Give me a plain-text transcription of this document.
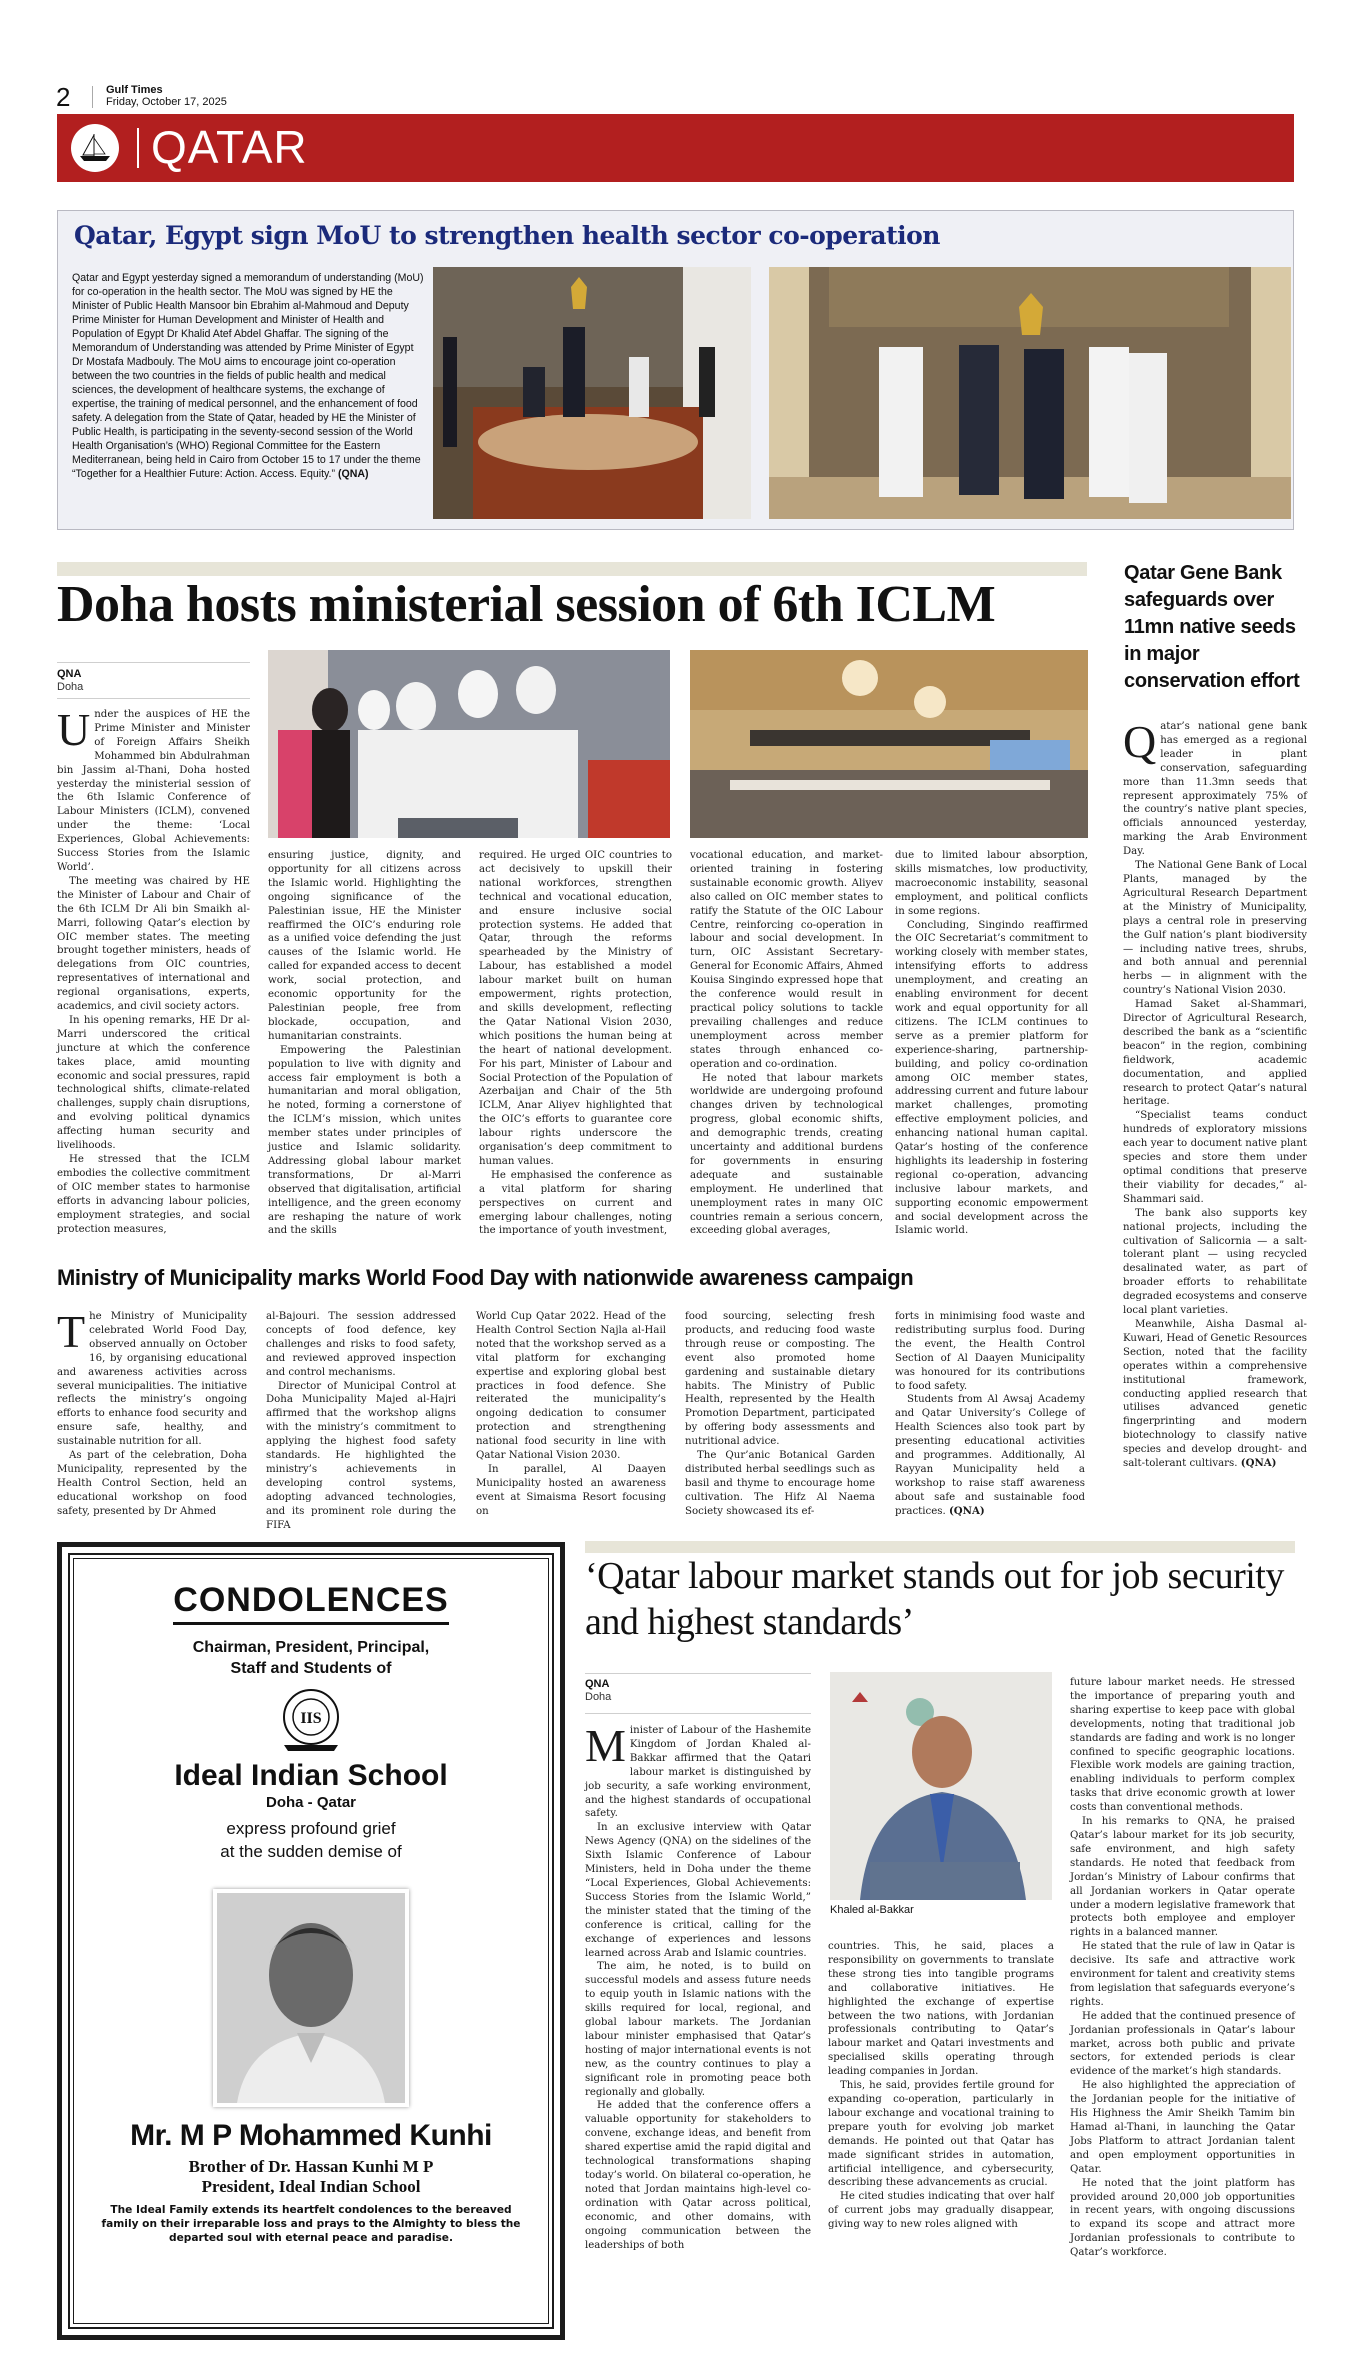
2	Gulf Times
Friday, October 17, 2025
QATAR
Qatar, Egypt sign MoU to strengthen health sector co-operation
Qatar and Egypt yesterday signed a memorandum of understanding (MoU) for co-operation in the health sector. The MoU was signed by HE the Minister of Public Health Mansoor bin Ebrahim al-Mahmoud and Deputy Prime Minister for Human Development and Minister of Health and Population of Egypt Dr Khalid Atef Abdel Ghaffar. The signing of the Memorandum of Understanding was attended by Prime Minister of Egypt Dr Mostafa Madbouly. The MoU aims to encourage joint co-operation between the two countries in the fields of public health and medical sciences, the development of healthcare systems, the exchange of expertise, the training of medical personnel, and the enhancement of food safety. A delegation from the State of Qatar, headed by HE the Minister of Public Health, is participating in the seventy-second session of the World Health Organisation’s (WHO) Regional Committee for the Eastern Mediterranean, being held in Cairo from October 15 to 17 under the theme “Together for a Healthier Future: Action. Access. Equity.” (QNA)
Doha hosts ministerial session of 6th ICLM
QNA
Doha

Under the auspices of HE the Prime Minister and Minister of Foreign Affairs Sheikh Mohammed bin Abdulrahman bin Jassim al-Thani, Doha hosted yesterday the ministerial session of the 6th Islamic Conference of Labour Ministers (ICLM), convened under the theme: ‘Local Experiences, Global Achievements: Success Stories from the Islamic World’.

The meeting was chaired by HE the Minister of Labour and Chair of the 6th ICLM Dr Ali bin Smaikh al-Marri, following Qatar’s election by OIC member states. The meeting brought together ministers, heads of delegations from OIC countries, representatives of international and regional organisations, experts, academics, and civil society actors.

In his opening remarks, HE Dr al-Marri underscored the critical juncture at which the conference takes place, amid mounting economic and social pressures, rapid technological shifts, climate-related challenges, supply chain disruptions, and evolving political dynamics affecting human security and livelihoods.

He stressed that the ICLM embodies the collective commitment of OIC member states to harmonise efforts in advancing labour policies, employment strategies, and social protection measures,

ensuring justice, dignity, and opportunity for all citizens across the Islamic world. Highlighting the ongoing significance of the Palestinian issue, HE the Minister reaffirmed the OIC’s enduring role as a unified voice defending the just causes of the Islamic world. He called for expanded access to decent work, social protection, and economic opportunity for the Palestinian people, free from blockade, occupation, and humanitarian constraints.

Empowering the Palestinian population to live with dignity and access fair employment is both a humanitarian and moral obligation, he noted, forming a cornerstone of the ICLM’s mission, which unites member states under principles of justice and Islamic solidarity. Addressing global labour market transformations, Dr al-Marri observed that digitalisation, artificial intelligence, and the green economy are reshaping the nature of work and the skills

required. He urged OIC countries to act decisively to upskill their national workforces, strengthen technical and vocational education, and ensure inclusive social protection systems. He added that Qatar, through the reforms spearheaded by the Ministry of Labour, has established a model labour market built on human empowerment, rights protection, and skills development, reflecting the Qatar National Vision 2030, which positions the human being at the heart of national development. For his part, Minister of Labour and Social Protection of the Population of Azerbaijan and Chair of the 5th ICLM, Anar Aliyev highlighted that the OIC’s efforts to guarantee core labour rights underscore the organisation’s deep commitment to human values.

He emphasised the conference as a vital platform for sharing perspectives on current and emerging labour challenges, noting the importance of youth investment,

vocational education, and market-oriented training in fostering sustainable economic growth. Aliyev also called on OIC member states to ratify the Statute of the OIC Labour Centre, reinforcing co-operation in labour and social development. In turn, OIC Assistant Secretary-General for Economic Affairs, Ahmed Kouisa Singindo expressed hope that the conference would result in practical policy solutions to tackle prevailing challenges and reduce unemployment across member states through enhanced co-operation and co-ordination.

He noted that labour markets worldwide are undergoing profound changes driven by technological progress, global economic shifts, and demographic trends, creating uncertainty and additional burdens for governments in ensuring adequate and sustainable employment. He underlined that unemployment rates in many OIC countries remain a serious concern, exceeding global averages,

due to limited labour absorption, skills mismatches, low productivity, macroeconomic instability, seasonal employment, and political conflicts in some regions.

Concluding, Singindo reaffirmed the OIC Secretariat’s commitment to working closely with member states, intensifying efforts to address unemployment, and creating an enabling environment for decent work and equal opportunity for all citizens. The ICLM continues to serve as a premier platform for experience-sharing, partnership-building, and policy co-ordination among OIC member states, addressing current and future labour market challenges, promoting effective employment policies, and enhancing national human capital. Qatar’s hosting of the conference highlights its leadership in fostering regional co-operation, advancing inclusive labour markets, and supporting economic empowerment and social development across the Islamic world.

Qatar Gene Bank safeguards over 11mn native seeds in major conservation effort

Qatar’s national gene bank has emerged as a regional leader in plant conservation, safeguarding more than 11.3mn seeds that represent approximately 75% of the country’s native plant species, officials announced yesterday, marking the Arab Environment Day.

The National Gene Bank of Local Plants, managed by the Agricultural Research Department at the Ministry of Municipality, plays a central role in preserving the Gulf nation’s plant biodiversity — including native trees, shrubs, and both annual and perennial herbs — in alignment with the country’s National Vision 2030.

Hamad Saket al-Shammari, Director of Agricultural Research, described the bank as a “scientific beacon” in the region, combining fieldwork, academic documentation, and applied research to protect Qatar’s natural heritage.

“Specialist teams conduct hundreds of exploratory missions each year to document native plant species and store them under optimal conditions that preserve their viability for decades,” al-Shammari said.

The bank also supports key national projects, including the cultivation of Salicornia — a salt-tolerant plant — using recycled desalinated water, as part of broader efforts to rehabilitate degraded ecosystems and conserve local plant varieties.

Meanwhile, Aisha Dasmal al-Kuwari, Head of Genetic Resources Section, noted that the facility operates within a comprehensive institutional framework, conducting applied research that utilises advanced genetic fingerprinting and modern biotechnology to classify native species and develop drought- and salt-tolerant cultivars. (QNA)

Ministry of Municipality marks World Food Day with nationwide awareness campaign

The Ministry of Municipality celebrated World Food Day, observed annually on October 16, by organising educational and awareness activities across several municipalities. The initiative reflects the ministry’s ongoing efforts to enhance food security and ensure safe, healthy, and sustainable nutrition for all.

As part of the celebration, Doha Municipality, represented by the Health Control Section, held an educational workshop on food safety, presented by Dr Ahmed

al-Bajouri. The session addressed concepts of food defence, key challenges and risks to food safety, and reviewed approved inspection and control mechanisms.

Director of Municipal Control at Doha Municipality Majed al-Hajri affirmed that the workshop aligns with the ministry’s commitment to applying the highest food safety standards. He highlighted the ministry’s achievements in developing control systems, adopting advanced technologies, and its prominent role during the FIFA

World Cup Qatar 2022. Head of the Health Control Section Najla al-Hail noted that the workshop served as a vital platform for exchanging expertise and exploring global best practices in food defence. She reiterated the municipality’s ongoing dedication to consumer protection and strengthening national food security in line with Qatar National Vision 2030.

In parallel, Al Daayen Municipality hosted an awareness event at Simaisma Resort focusing on

food sourcing, selecting fresh products, and reducing food waste through reuse or composting. The event also promoted home gardening and sustainable dietary habits. The Ministry of Public Health, represented by the Health Promotion Department, participated by offering body assessments and nutritional advice.

The Qur’anic Botanical Garden distributed herbal seedlings such as basil and thyme to encourage home cultivation. The Hifz Al Naema Society showcased its ef-

forts in minimising food waste and redistributing surplus food. During the event, the Health Control Section of Al Daayen Municipality was honoured for its contributions to food safety.

Students from Al Awsaj Academy and Qatar University’s College of Health Sciences also took part by presenting educational activities and programmes. Additionally, Al Rayyan Municipality held a workshop to raise staff awareness about safe and sustainable food practices. (QNA)

CONDOLENCES
Chairman, President, Principal,
Staff and Students of
IIS
Ideal Indian School
Doha - Qatar
express profound grief
at the sudden demise of
Mr. M P Mohammed Kunhi
Brother of Dr. Hassan Kunhi M P
President, Ideal Indian School
The Ideal Family extends its heartfelt condolences to the bereaved family on their irreparable loss and prays to the Almighty to bless the departed soul with eternal peace and paradise.
‘Qatar labour market stands out for job security and highest standards’
QNA
Doha
Khaled al-Bakkar

Minister of Labour of the Hashemite Kingdom of Jordan Khaled al-Bakkar affirmed that the Qatari labour market is distinguished by job security, a safe working environment, and the highest standards of occupational safety.

In an exclusive interview with Qatar News Agency (QNA) on the sidelines of the Sixth Islamic Conference of Labour Ministers, held in Doha under the theme “Local Experiences, Global Achievements: Success Stories from the Islamic World,” the minister stated that the timing of the conference is critical, calling for the exchange of experiences and lessons learned across Arab and Islamic countries.

The aim, he noted, is to build on successful models and assess future needs to equip youth in Islamic nations with the skills required for local, regional, and global labour markets. The Jordanian labour minister emphasised that Qatar’s hosting of major international events is not new, as the country continues to play a significant role in promoting peace both regionally and globally.

He added that the conference offers a valuable opportunity for stakeholders to convene, exchange ideas, and benefit from shared expertise amid the rapid digital and technological transformations shaping today’s world. On bilateral co-operation, he noted that Jordan maintains high-level co-ordination with Qatar across political, economic, and other domains, with ongoing communication between the leaderships of both

countries. This, he said, places a responsibility on governments to translate these strong ties into tangible programs and collaborative initiatives. He highlighted the exchange of expertise between the two nations, with Jordanian professionals contributing to Qatar’s labour market and Qatari investments and specialised skills operating through leading companies in Jordan.

This, he said, provides fertile ground for expanding co-operation, particularly in labour exchange and vocational training to prepare youth for evolving job market demands. He pointed out that Qatar has made significant strides in automation, artificial intelligence, and cybersecurity, describing these advancements as crucial.

He cited studies indicating that over half of current jobs may gradually disappear, giving way to new roles aligned with

future labour market needs. He stressed the importance of preparing youth and sharing expertise to keep pace with global developments, noting that traditional job standards are fading and work is no longer confined to specific geographic locations. Flexible work models are gaining traction, enabling individuals to perform complex tasks that drive economic growth at lower costs than conventional methods.

In his remarks to QNA, he praised Qatar’s labour market for its job security, safe environment, and high safety standards. He noted that feedback from Jordan’s Ministry of Labour confirms that all Jordanian workers in Qatar operate under a modern legislative framework that protects both employee and employer rights in a balanced manner.

He stated that the rule of law in Qatar is decisive. Its safe and attractive work environment for talent and creativity stems from legislation that safeguards everyone’s rights.

He added that the continued presence of Jordanian professionals in Qatar’s labour market, across both public and private sectors, for extended periods is clear evidence of the market’s high standards.

He also highlighted the appreciation of the Jordanian people for the initiative of His Highness the Amir Sheikh Tamim bin Hamad al-Thani, in launching the Qatar Jobs Platform to attract Jordanian talent and open employment opportunities in Qatar.

He noted that the joint platform has provided around 20,000 job opportunities in recent years, with ongoing discussions to expand its scope and attract more Jordanian professionals to contribute to Qatar’s workforce.
